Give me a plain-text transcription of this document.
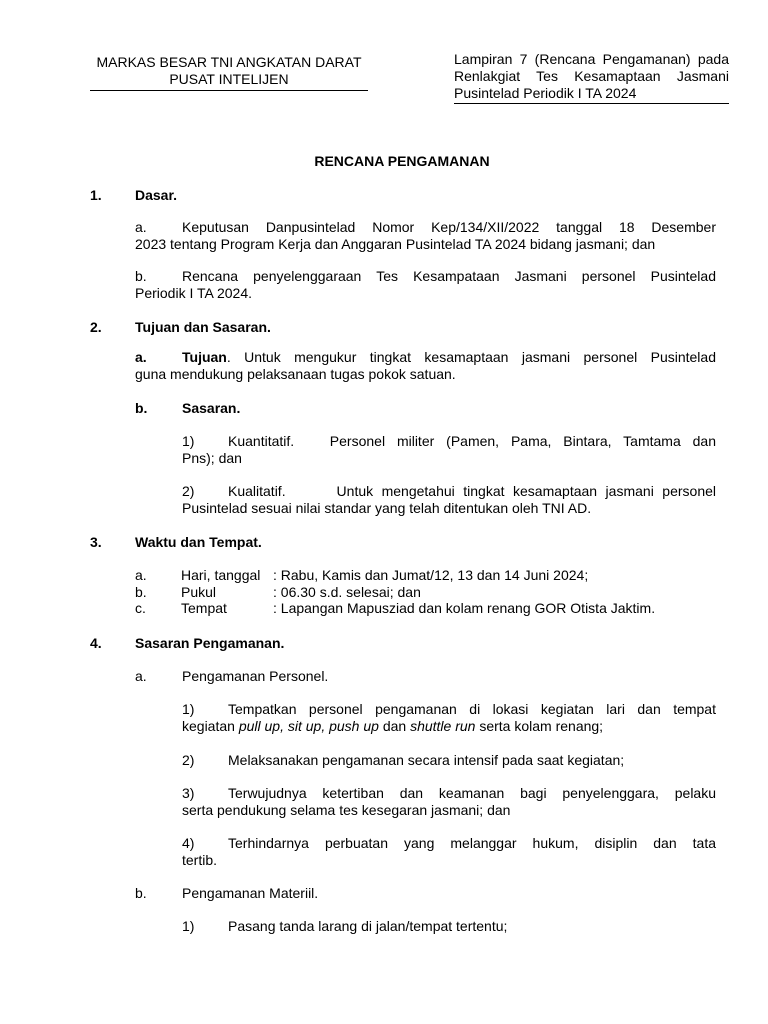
MARKAS BESAR TNI ANGKATAN DARAT
PUSAT INTELIJEN
Lampiran 7 (Rencana Pengamanan) pada
Renlakgiat Tes Kesamaptaan Jasmani
Pusintelad Periodik I TA 2024
RENCANA PENGAMANAN
1. Dasar.
a.	Keputusan Danpusintelad Nomor Kep/134/XII/2022 tanggal 18 Desember
2023 tentang Program Kerja dan Anggaran Pusintelad TA 2024 bidang jasmani; dan
b.	Rencana penyelenggaraan Tes Kesampataan Jasmani personel Pusintelad
Periodik I TA 2024.
2. Tujuan dan Sasaran.
a.	Tujuan. Untuk mengukur tingkat kesamaptaan jasmani personel Pusintelad
guna mendukung pelaksanaan tugas pokok satuan.
b. Sasaran.
1) Kuantitatif.   Personel militer (Pamen, Pama, Bintara, Tamtama dan
Pns); dan
2) Kualitatif.      Untuk mengetahui tingkat kesamaptaan jasmani personel
Pusintelad sesuai nilai standar yang telah ditentukan oleh TNI AD.
3. Waktu dan Tempat.
a. Hari, tanggal : Rabu, Kamis dan Jumat/12, 13 dan 14 Juni 2024;
b. Pukul	: 06.30 s.d. selesai; dan
c.	Tempat	: Lapangan Mapusziad dan kolam renang GOR Otista Jaktim.
4. Sasaran Pengamanan.
a.	Pengamanan Personel.
1) Tempatkan personel pengamanan di lokasi kegiatan lari dan tempat
kegiatan pull up, sit up, push up dan shuttle run serta kolam renang;
2) Melaksanakan pengamanan secara intensif pada saat kegiatan;
3) Terwujudnya ketertiban dan keamanan bagi penyelenggara, pelaku
serta pendukung selama tes kesegaran jasmani; dan
4) Terhindarnya perbuatan yang melanggar hukum, disiplin dan tata
tertib.
b.	Pengamanan Materiil.
1) Pasang tanda larang di jalan/tempat tertentu;
